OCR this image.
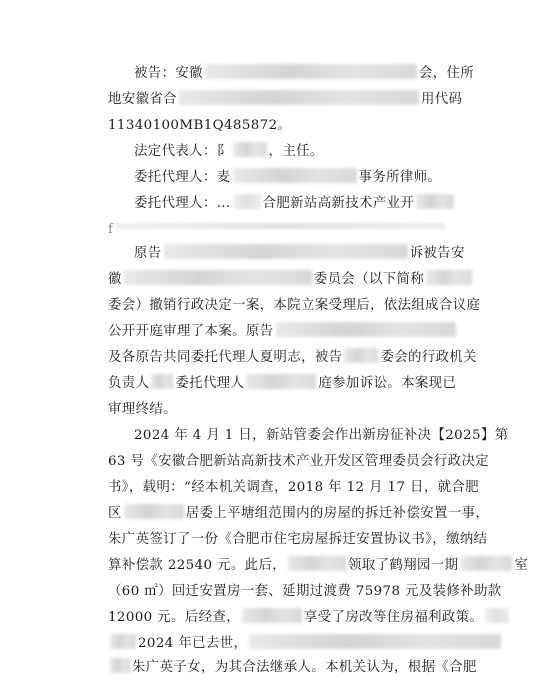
被告：安徽	会，住所
地安徽省合	用代码
11340100MB1Q485872。
法定代表人：阝	，主任。
委托代理人：麦	事务所律师。
委托代理人：… 合肥新站高新技术产业开
f
原告	诉被告安
徽	委员会（以下简称
委会）撤销行政决定一案，本院立案受理后，依法组成合议庭
公开开庭审理了本案。原告
及各原告共同委托代理人夏明志，被告	委会的行政机关
负责人 委托代理人	庭参加诉讼。本案现已
审理终结。
2024 年 4 月 1 日，新站管委会作出新房征补决【2025】第
63 号《安徽合肥新站高新技术产业开发区管理委员会行政决定
书》，载明：“经本机关调查，2018 年 12 月 17 日，就合肥
区	居委上平塘组范围内的房屋的拆迁补偿安置一事，
朱广英签订了一份《合肥市住宅房屋拆迁安置协议书》，缴纳结
算补偿款 22540 元。此后，	领取了鹤翔园一期	室
（60 ㎡）回迁安置房一套、延期过渡费 75978 元及装修补助款
12000 元。后经查，	享受了房改等住房福利政策。
2024 年已去世，
朱广英子女，为其合法继承人。本机关认为，根据《合肥
